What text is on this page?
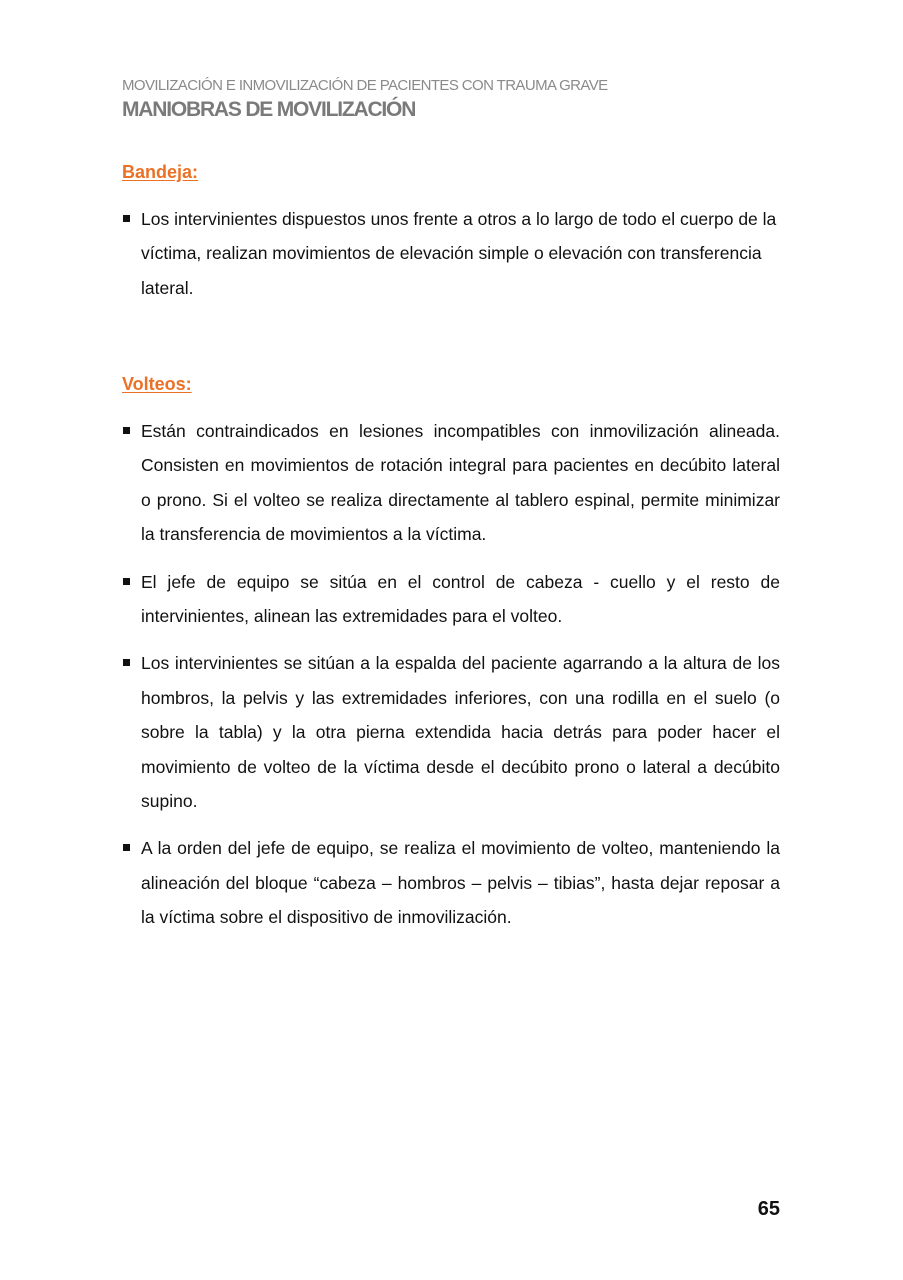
MOVILIZACIÓN E INMOVILIZACIÓN DE PACIENTES CON TRAUMA GRAVE
MANIOBRAS DE MOVILIZACIÓN
Bandeja:
Los intervinientes dispuestos unos frente a otros a lo largo de todo el cuerpo de la víctima, realizan movimientos de elevación simple o elevación con transferencia lateral.
Volteos:
Están contraindicados en lesiones incompatibles con inmovilización alineada. Consisten en movimientos de rotación integral para pacientes en decúbito lateral o prono. Si el volteo se realiza directamente al tablero espinal, permite minimizar la transferencia de movimientos a la víctima.
El jefe de equipo se sitúa en el control de cabeza - cuello y el resto de intervinientes, alinean las extremidades para el volteo.
Los intervinientes se sitúan a la espalda del paciente agarrando a la altura de los hombros, la pelvis y las extremidades inferiores, con una rodilla en el suelo (o sobre la tabla) y la otra pierna extendida hacia detrás para poder hacer el movimiento de volteo de la víctima desde el decúbito prono o lateral a decúbito supino.
A la orden del jefe de equipo, se realiza el movimiento de volteo, manteniendo la alineación del bloque “cabeza – hombros – pelvis – tibias”, hasta dejar reposar a la víctima sobre el dispositivo de inmovilización.
65
